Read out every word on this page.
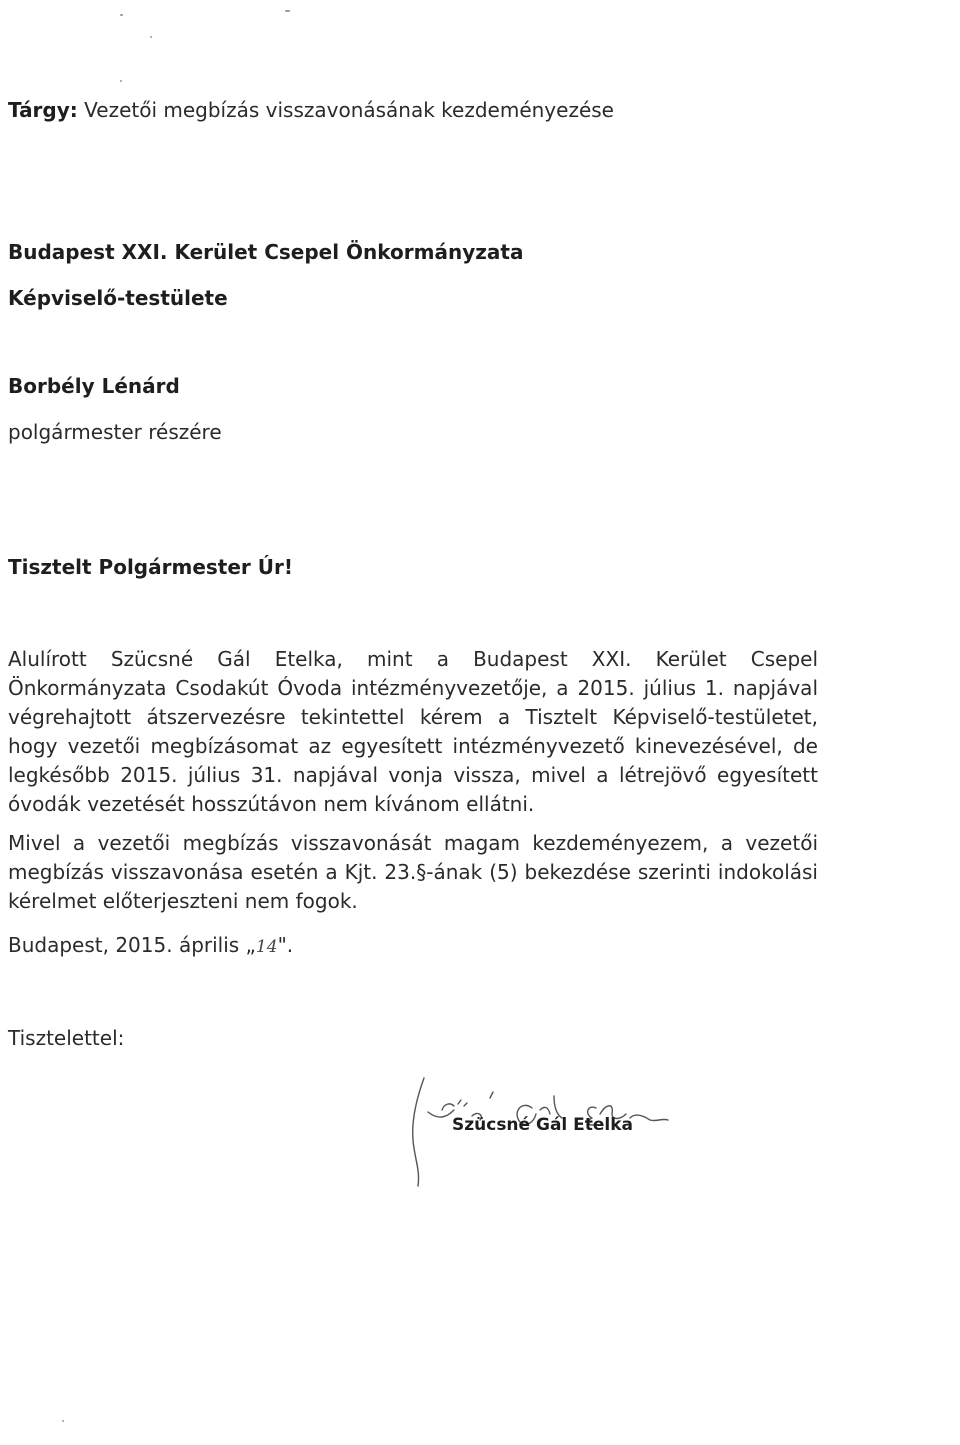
Tárgy: Vezetői megbízás visszavonásának kezdeményezése
Budapest XXI. Kerület Csepel Önkormányzata
Képviselő-testülete
Borbély Lénárd
polgármester részére
Tisztelt Polgármester Úr!

Alulírott Szücsné Gál Etelka, mint a Budapest XXI. Kerület Csepel Önkormányzata Csodakút Óvoda intézményvezetője, a 2015. július 1. napjával végrehajtott átszervezésre tekintettel kérem a Tisztelt Képviselő-testületet, hogy vezetői megbízásomat az egyesített intézményvezető kinevezésével, de legkésőbb 2015. július 31. napjával vonja vissza, mivel a létrejövő egyesített óvodák vezetését hosszútávon nem kívánom ellátni.

Mivel a vezetői megbízás visszavonását magam kezdeményezem, a vezetői megbízás visszavonása esetén a Kjt. 23.§-ának (5) bekezdése szerinti indokolási kérelmet előterjeszteni nem fogok.

Budapest, 2015. április „14".
Tisztelettel:
Szücsné Gál Etelka
